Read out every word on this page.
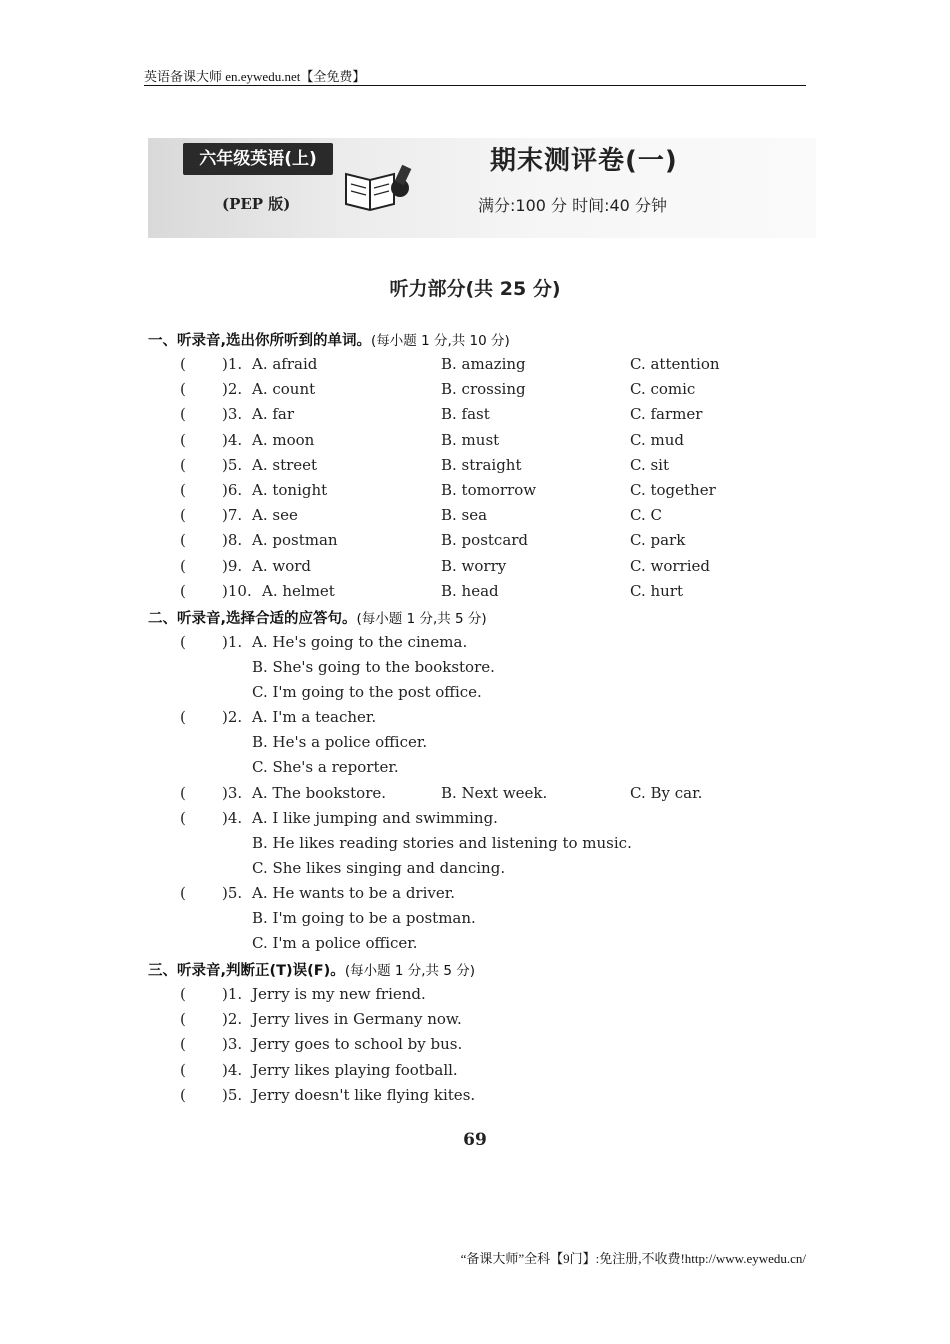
英语备课大师 en.eywedu.net【全免费】
六年级英语(上)
(PEP 版)
期末测评卷(一)
满分:100 分 时间:40 分钟
听力部分(共 25 分)
一、听录音,选出你所听到的单词。(每小题 1 分,共 10 分)
( )1. A. afraid	B. amazing	C. attention
( )2. A. count	B. crossing	C. comic
( )3. A. far	B. fast	C. farmer
( )4. A. moon	B. must	C. mud
( )5. A. street	B. straight	C. sit
( )6. A. tonight	B. tomorrow	C. together
( )7. A. see	B. sea	C. C
( )8. A. postman	B. postcard	C. park
( )9. A. word	B. worry	C. worried
( )10. A. helmet	B. head	C. hurt
二、听录音,选择合适的应答句。(每小题 1 分,共 5 分)
( )1. A. He's going to the cinema.
B. She's going to the bookstore.
C. I'm going to the post office.
( )2. A. I'm a teacher.
B. He's a police officer.
C. She's a reporter.
( )3. A. The bookstore.	B. Next week.	C. By car.
( )4. A. I like jumping and swimming.
B. He likes reading stories and listening to music.
C. She likes singing and dancing.
( )5. A. He wants to be a driver.
B. I'm going to be a postman.
C. I'm a police officer.
三、听录音,判断正(T)误(F)。(每小题 1 分,共 5 分)
( )1. Jerry is my new friend.
( )2. Jerry lives in Germany now.
( )3. Jerry goes to school by bus.
( )4. Jerry likes playing football.
( )5. Jerry doesn't like flying kites.
69
“备课大师”全科【9门】:免注册,不收费!http://www.eywedu.cn/
